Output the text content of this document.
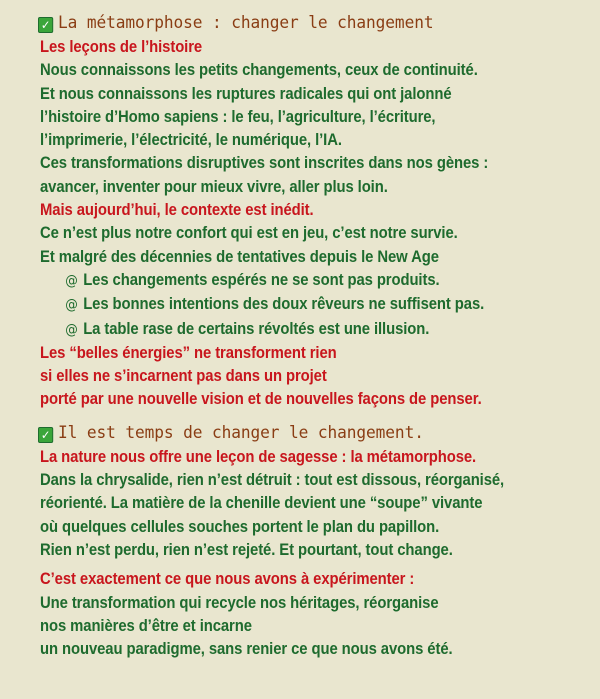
✓ La métamorphose : changer le changement
Les leçons de l’histoire
Nous connaissons les petits changements, ceux de continuité.
Et nous connaissons les ruptures radicales qui ont jalonné
l’histoire d’Homo sapiens : le feu, l’agriculture, l’écriture,
l’imprimerie, l’électricité, le numérique, l’IA.
Ces transformations disruptives sont inscrites dans nos gènes :
avancer, inventer pour mieux vivre, aller plus loin.
Mais aujourd’hui, le contexte est inédit.
Ce n’est plus notre confort qui est en jeu, c’est notre survie.
Et malgré des décennies de tentatives depuis le New Age
@ Les changements espérés ne se sont pas produits.
@ Les bonnes intentions des doux rêveurs ne suffisent pas.
@ La table rase de certains révoltés est une illusion.
Les “belles énergies” ne transforment rien
si elles ne s’incarnent pas dans un projet
porté par une nouvelle vision et de nouvelles façons de penser.
✓ Il est temps de changer le changement.
La nature nous offre une leçon de sagesse : la métamorphose.
Dans la chrysalide, rien n’est détruit : tout est dissous, réorganisé,
réorienté. La matière de la chenille devient une “soupe” vivante
où quelques cellules souches portent le plan du papillon.
Rien n’est perdu, rien n’est rejeté. Et pourtant, tout change.
C’est exactement ce que nous avons à expérimenter :
Une transformation qui recycle nos héritages, réorganise
nos manières d’être et incarne
un nouveau paradigme, sans renier ce que nous avons été.
